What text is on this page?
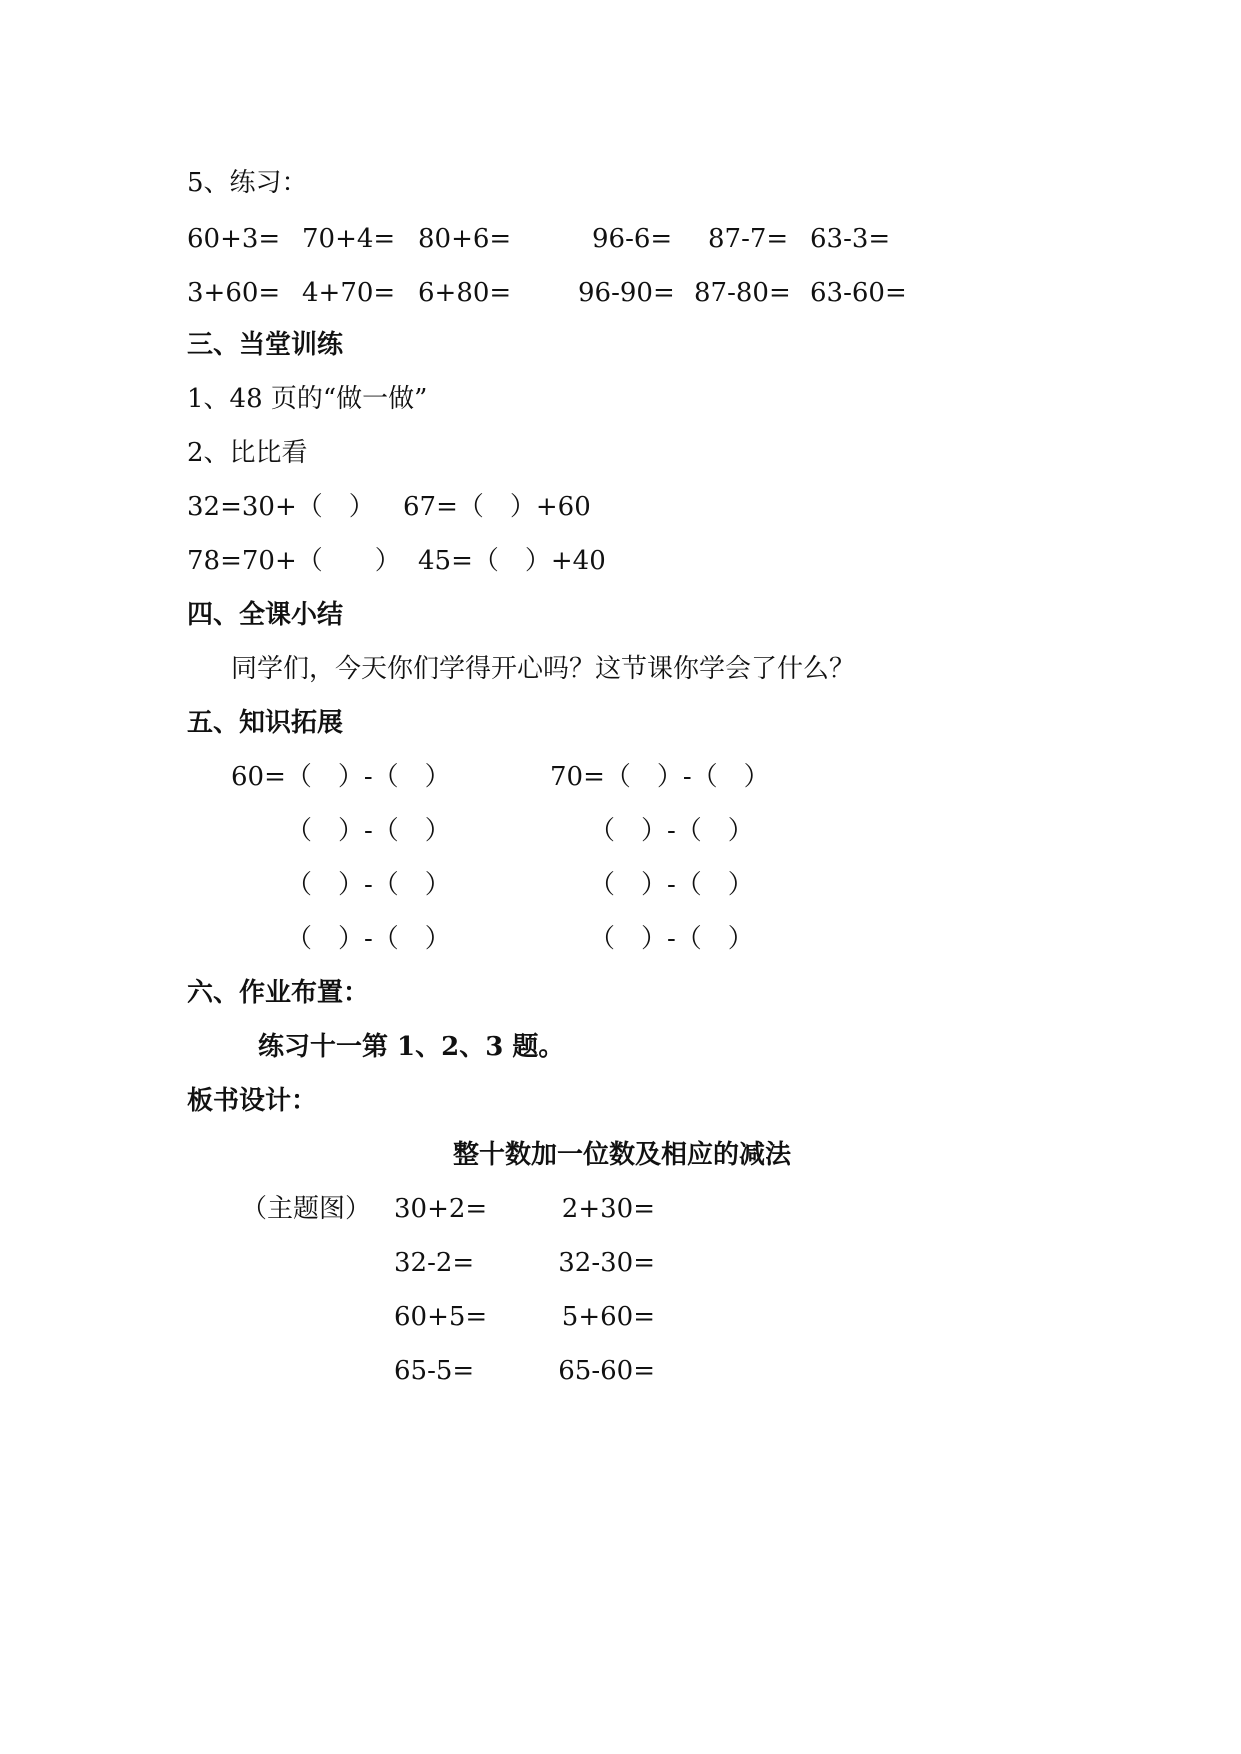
5、练习：
60+3= 70+4= 80+6=	96-6= 87-7= 63-3=
3+60= 4+70= 6+80=	96-90= 87-80= 63-60=
三、当堂训练
1、48 页的“做一做”
2、比比看
32=30+（　） 67=（　）+60
78=70+（　　） 45=（　）+40
四、全课小结
同学们，今天你们学得开心吗？这节课你学会了什么？
五、知识拓展
60=（　）-（　）
（　）-（　）
（　）-（　）
（　）-（　）
70=（　）-（　）
（　）-（　）
（　）-（　）
（　）-（　）
六、作业布置：
练习十一第 1、2、3 题。
板书设计：
整十数加一位数及相应的减法
（主题图） 30+2=
32-2=
60+5=
65-5=
2+30=
32-30=
5+60=
65-60=
